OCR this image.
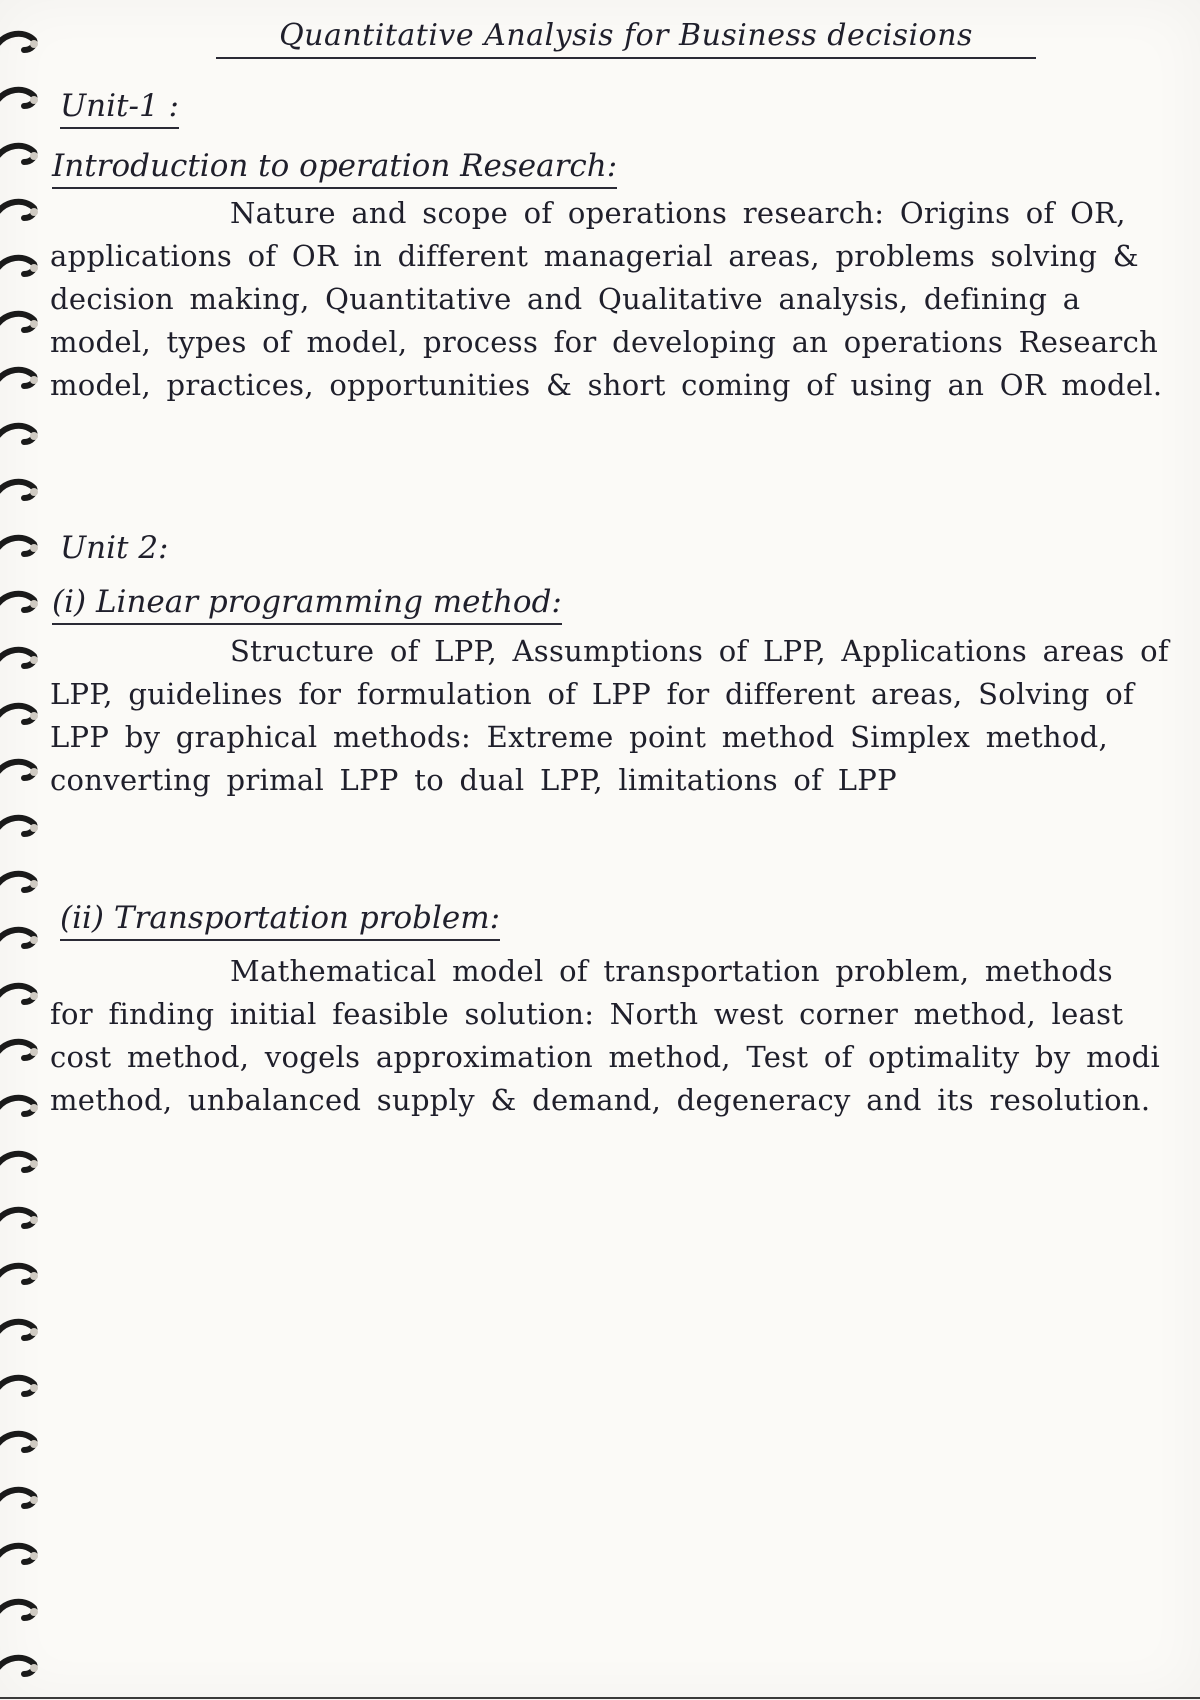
Quantitative Analysis for Business decisions
Unit-1 :
Introduction to operation Research:
Nature and scope of operations research: Origins of OR, applications of OR in different managerial areas, problems solving & decision making, Quantitative and Qualitative analysis, defining a model, types of model, process for developing an operations Research model, practices, opportunities & short coming of using an OR model.
Unit 2:
(i) Linear programming method:
Structure of LPP, Assumptions of LPP, Applications areas of LPP, guidelines for formulation of LPP for different areas, Solving of LPP by graphical methods: Extreme point method Simplex method, converting primal LPP to dual LPP, limitations of LPP
(ii) Transportation problem:
Mathematical model of transportation problem, methods for finding initial feasible solution: North west corner method, least cost method, vogels approximation method, Test of optimality by modi method, unbalanced supply & demand, degeneracy and its resolution.
